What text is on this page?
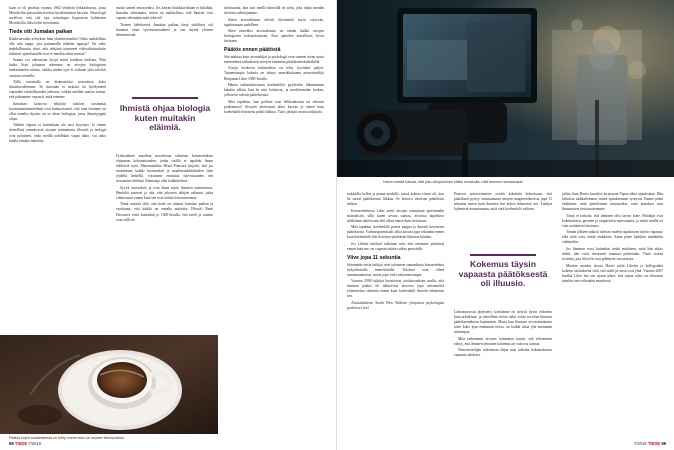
kaan se oli peräisin vuonna 1962 tehdystä leikkauksesta, jossa Meinhoffin poistottiin aivoista hyvälaatuinen kasvain. Neurologit arvelivat, että sitä ajoi toimittajaa hypnoosin kaltaiseen Meinhoffin liiku kohti terrorismia.

Tiede otti Jumalan paikan

Kuulostavatko selitykset liian yksinkertaisilta? Onko mahdollista olla niin nappi, jota painamalla tehdään tappaja? Vai onko mahdollisuutta siinä, että tekijänä toimineet väkivaltaisuuksiin kaltaiset ajattelumallit ovat ei-meidän oikut meissä?

Samaa voi oikeastaan kysyä mistä kaidasta tiedosta. Yhtä kaiku liian jokainen tekemme on aivojen biologisten mekanismien tulosta, vaikka niiden syyt ei voikaan yhtä selvästi osoittaa sormella.

Tällä tosiasialla on drumaattisia seurauksia koko ihmiskuvallemme. Se itsessään ei tarkoita tai hyödynnetä vapauden tahdollisuuden jatkossa, vaikka meidän saattaa tuntua, että pääsemme vapaasti, mitä teemme.

Jumalaan kutsuvia tekijöitä tutkivat uusimmat kuvantamismenetelmät ovat hahmottaneet, että oma itsemme on ollut ennalta ohjattu, on se sitten biologiaa, jossa ihmistyyppiä ohjaa.

Tahdon vapaus ei kuitenkaan ole uusi kysymys. Jo ennen tieteellistä ymmärrystä aivojen toiminnasta filosofit ja teologit ovat pohtineet, onko meillä todellakin vapaa tahto, vai onko kaikki ennalta määrätty.

moisa saneat seuraavaksi. Jos kerran hiukkasviskaan ei liikahda, Jumalan tahtomatta, miten on mahdollista, että ihmiset ovat vapaita tekemään mitä tekevät?

Tieteen kehittyessä Jumalan paikan tässä yhtälössä otti luonnon omat syyseuraussuhteet ja sen myötä yleinen determinismi.

Ihmistä ohjaa biologia kuten muitakin eläimiä.

Fysikaalinen maailma muodostaa valtaisan luonnonlakien ohjaaman kokonaisuuden, jonka sisällä ei tapahdu ilman edeltäviä syitä. Matemaatikko Henri Poincaré kirjoitti, että jos tuntisimme kaikki luonnonlait ja maailmankaikkeuden tilan yhdellä hetkellä, voisimme ennustaa tulevaisuuden sen seuraavina hetkinä. Ennustaja olisi kaikkitietävä.

Syyvä seuraukset ja ovat läsnä myös ihmisen toiminnassa. Henkilöt sanovat jo sitä, että jokaisen tekijän valinnat, jotka valmistuvat ennen kuin sen ovat teidän tietoisuuteensa.

Tämä näyttää siltä, että tiede on ottanut Jumalan paikan ja osoittanut, että kaikki on ennalta määrätty. Filosofi René Descartes esitti kuitenkin jo 1600-luvulla, että mieli ja ruumis ovat erillisiä.

tietoisuutta, kun taas meillä ihmisillä on sielu, joka ohjaa meidän tietoisia valintojamme.

Sitten aivotutkimus selvitti hävinneitä myös siirtyvän, tapahtumaan uudelleen.

Siten nimeäksi aivotutkimus on tämän kaikki aivojen biologiseen kokonaisuuteen. Kun ajattelen aineellisen hyvin tietoinen.

Päätös ennen päätöstä

Sitä maksaa kuin aivotutkijat ja psykologit ovat saaneet aivan uusia menetelmiä tutkiakseen aivojen toimintaa päätöksentekohetkellä.

Aivoja koskevia tutkimuksia on tehty hyvinkin paljon. Tunnetuimpia kokeita on tehnyt amerikkalainen neurotieteilijä Benjamin Libet 1980-luvulla.

Hänen tutkimuksessaan koehenkilöt pyydettiin liikuttamaan kättään silloin kun he niin halusivat, ja merkitsemään hetken, jolloin he tekivät päätöksensä.

Mitä tapahtuu, kun potilaat ovat leikkauksessa tai oikeasti pohtimassa? Aivojen aktiivisuus alkoi kasvaa jo ennen kuin koehenkilö tietoisesti päätti liikkua. Tulos järkytti monia tutkijoita.

Päätös kupin nostamisesta on tehty, ennen kuin se nousee tietoisuuteen.
58 TIEDE 7/2016
Harva meistä haluaa, että joku ulkopuolinen näkisi ennakolta, mitä teemme seuraavaksi.

tarkkailla kelloa ja panna merkille, missä kohtaa viisari oli, kun he saivat päätöksensä liikkua. Se kertoisi tietoisen päätöksen hetken.

Koeasetelmassa Libet asetti aivojen toiminnan potentiaalin mittauksiin, sillä kuten arvata saattaa, aivoissa tapahtuva sähköinen aktiivisuus ehti alkaa ennen kuin tietoisuus.

Mitä tapahtui, koehenkilö painoi nappia ja ilmoitti tietoisesta päätöksestä. Valmiuspotentiaali alkoi kasvaa jopa sekunnin ennen kuin koehenkilö teki tietoisen päätöksen liikuttaa kättään.

Jos Libetin tulokset tulkitaan niin, että aivomme päättävät ennen kuin me, on vapaata tahtoa vaikea perustella.

Viive jopa 11 sekuntia

Sittemmin uusia tutkijat ovat toistaneet samanlaisia koeasetelmia nykyaikaisilla menetelmillä. Tulokset ovat olleet samansuuntaisia, mutta jopa vielä vakuuttavampia.

Vuonna 2008 tutkijat havaitsivat aivokuvauksen avulla, että ihmisen päätös oli nähtävissä aivoissa jopa seitsemästä yhteentoista sekuntia ennen kuin koehenkilö ilmoitti tehneensä sen.

Australialaisen South New Walesin yliopiston psykologian professori Joel

Pearson työtovereineen osoitti äskettäin kokeissaan, että päätöksen pystyy ennustamaan aivojen magneettikuvista jopa 11 sekuntia ennen kuin ihminen itse kokee tehneensä sen. Tutkijat kykenivät ennustamaan, mitä värä koehenkilö valitsee.

Kokemus täysin vapaasta päätöksestä oli illuusio.

Laboratoriossa järjestetty koetilanne on tietysti hyvin erilainen kuin arkielämä, ja tieteellistä tietoa tulisi voida soveltaa ihmisen päätöksentekoon laajemmin. Mutta kun ihmisen aivotoiminnasta tulee koko ajan enemmän tietoa, on kaikki tässä yhä enemmän tarkempaa.

Mitä tarkemmin aivojen toiminnan tuntee, sitä selvemmin näkyy, että ihmisen tietoinen kokemus on vain osa tarinaa.

Neurotieteilijän tutkimusta ohjaa uusi tulkinta kokemuksesta vapaasta tahdosta.

jalitsa Sam Harris kuvailee kirjassaan Vapaa tahto ajatuksiaan. Hän kehottaa tarkkailemaan, miten ajatuksemme syntyvät. Emme päätä etukäteen, mitä ajattelemme seuraavaksi, vaan ajatukset vain ilmaantuvat tietoisuuteemme.

Tämä ei tarkoita, että ihminen olisi täysin kone. Päättäjät ovat kokemuksen, geenien ja ympäristön muovaamia, ja niistä meillä on vain osittainen tietoisuus.

Tämän jälkeen näkisit tulevan mielen tapahtuvan täysin vapaana, eikä niitä voisi tietää etukäteen. Sama pätee kaikkiin muihinkin valintoihin.

Jos ihminen voisi kuitenkin tietää etukäteen, mitä hän aikoo tehdä, hän voisi tietoisesti muuttaa päätöstään. Tästä seuraa ristiriita, jota filosofit ovat pohtineet vuosisatoja.

Monien muiden tavoin Harris pitää Libetin ja kollegoiden kokeita osoituksena siitä, että mieli ja aivot ovat yhtä. Vuonna 2007 kuollut Libet itse sen sijaan uskoi, että vapaa tahto on olemassa ainakin veto-oikeuden muodossa.

7/2016 TIEDE 59
